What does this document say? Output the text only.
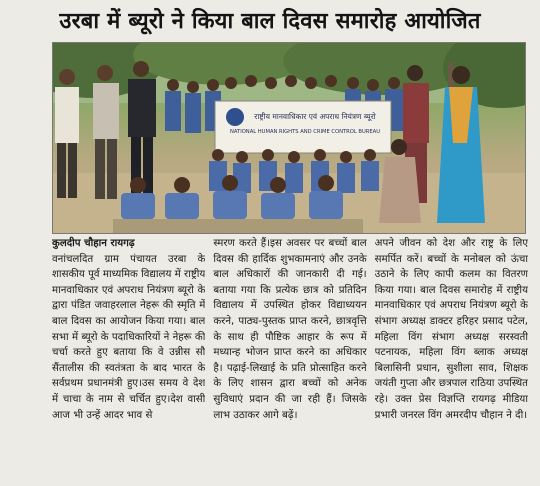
उरबा में ब्यूरो ने किया बाल दिवस समारोह आयोजित
राष्ट्रीय मानवाधिकार एवं अपराध नियंत्रण ब्यूरो
NATIONAL HUMAN RIGHTS AND CRIME CONTROL BUREAU

कुलदीप चौहान रायगढ़

वनांचलदित ग्राम पंचायत उरबा के शासकीय पूर्व माध्यमिक विद्यालय में राष्ट्रीय मानवाधिकार एवं अपराध नियंत्रण ब्यूरो के द्वारा पंडित जवाहरलाल नेहरू की स्मृति में बाल दिवस का आयोजन किया गया। बाल सभा में ब्यूरो के पदाधिकारियों ने नेहरू की चर्चा करते हुए बताया कि वे उन्नीस सौ सैंतालीस की स्वतंत्रता के बाद भारत के सर्वप्रथम प्रधानमंत्री हुए।उस समय वे देश में चाचा के नाम से चर्चित हुए।देश वासी आज भी उन्हें आदर भाव से

स्मरण करते हैं।इस अवसर पर बच्चों बाल दिवस की हार्दिक शुभकामनाएं और उनके बाल अधिकारों की जानकारी दी गई। बताया गया कि प्रत्येक छात्र को प्रतिदिन विद्यालय में उपस्थित होकर विद्याध्ययन करने, पाठ्य-पुस्तक प्राप्त करने, छात्रवृत्ति के साथ ही पौष्टिक आहार के रूप में मध्यान्ह भोजन प्राप्त करने का अधिकार है। पढ़ाई-लिखाई के प्रति प्रोत्साहित करने के लिए शासन द्वारा बच्चों को अनेक सुविधाएं प्रदान की जा रही हैं। जिसके लाभ उठाकर आगे बढ़ें।

अपने जीवन को देश और राष्ट्र के लिए समर्पित करें। बच्चों के मनोबल को ऊंचा उठाने के लिए कापी कलम का वितरण किया गया। बाल दिवस समारोह में राष्ट्रीय मानवाधिकार एवं अपराध नियंत्रण ब्यूरो के संभाग अध्यक्ष डाक्टर हरिहर प्रसाद पटेल, महिला विंग संभाग अध्यक्ष सरस्वती पटनायक, महिला विंग ब्लाक अध्यक्ष बिलासिनी प्रधान, सुशीला साव, शिक्षक जयंती गुप्ता और छत्रपाल राठिया उपस्थित रहे। उक्त प्रेस विज्ञप्ति रायगढ़ मीडिया प्रभारी जनरल विंग अमरदीप चौहान ने दी।
